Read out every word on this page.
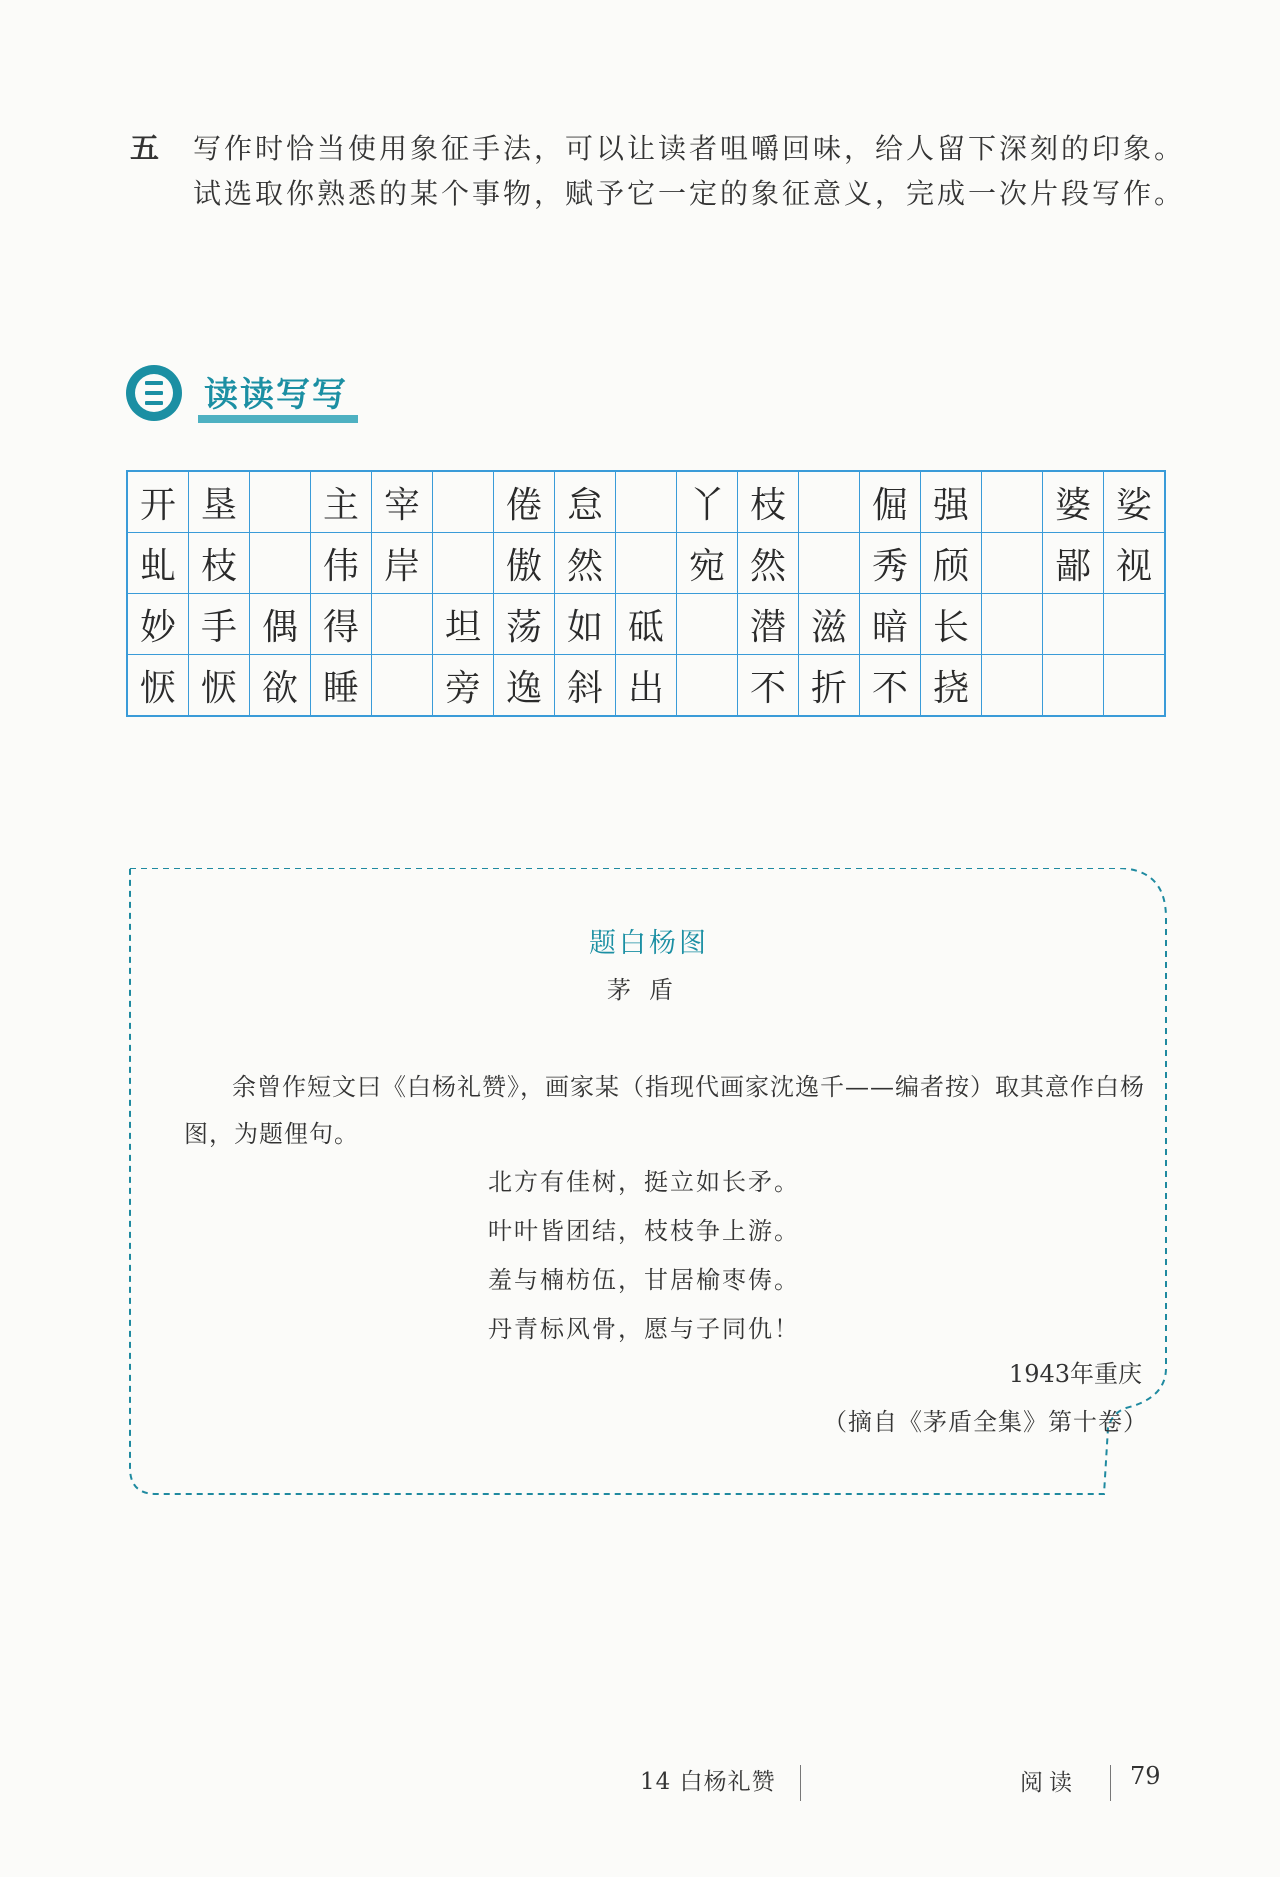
五 写作时恰当使用象征手法，可以让读者咀嚼回味，给人留下深刻的印象。试选取你熟悉的某个事物，赋予它一定的象征意义，完成一次片段写作。
读读写写
开	垦		主	宰		倦	怠		丫	枝		倔	强		婆	娑
虬	枝		伟	岸		傲	然		宛	然		秀	颀		鄙	视
妙	手	偶	得		坦	荡	如	砥		潜	滋	暗	长			
恹	恹	欲	睡		旁	逸	斜	出		不	折	不	挠			
题白杨图
茅盾
余曾作短文曰《白杨礼赞》，画家某（指现代画家沈逸千——编者按）取其意作白杨图，为题俚句。
北方有佳树，挺立如长矛。
叶叶皆团结，枝枝争上游。
羞与楠枋伍，甘居榆枣俦。
丹青标风骨，愿与子同仇！
1943年重庆
（摘自《茅盾全集》第十卷）
14 白杨礼赞	阅读 79
